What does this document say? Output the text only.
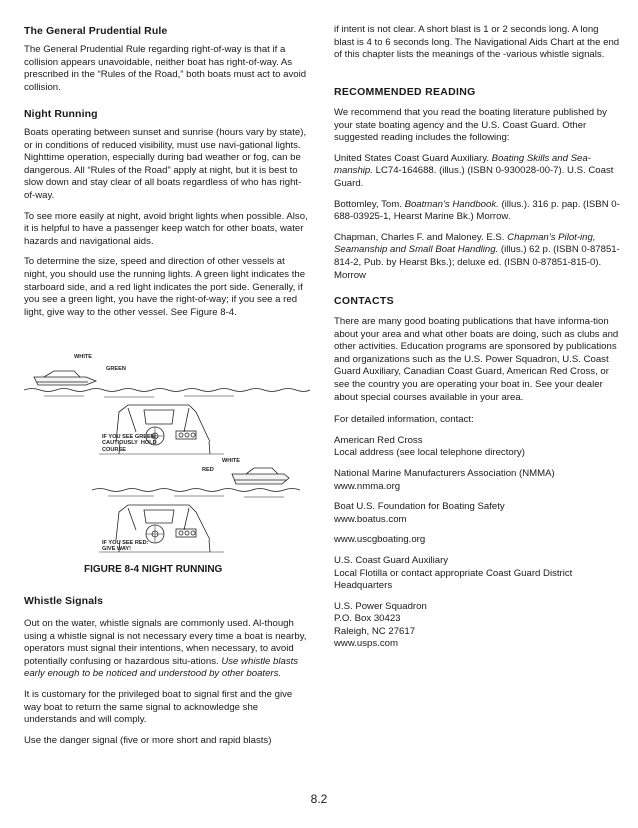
The General Prudential Rule

The General Prudential Rule regarding right-of-way is that if a collision appears unavoidable, neither boat has right-of-way. As prescribed in the “Rules of the Road,” both boats must act to avoid collision.

Night Running

Boats operating between sunset and sunrise (hours vary by state), or in conditions of reduced visibility, must use navi-gational lights. Nighttime operation, especially during bad weather or fog, can be dangerous. All “Rules of the Road” apply at night, but it is best to slow down and stay clear of all boats regardless of who has right-of-way.

To see more easily at night, avoid bright lights when possible. Also, it is helpful to have a passenger keep watch for other boats, water hazards and navigational aids.

To determine the size, speed and direction of other vessels at night, you should use the running lights. A green light indicates the starboard side, and a red light indicates the port side. Generally, if you see a green light, you have the right-of-way; if you see a red light, give way to the other vessel. See Figure 8-4.

Whistle Signals

Out on the water, whistle signals are commonly used. Al-though using a whistle signal is not necessary every time a boat is nearby, operators must signal their intentions, when necessary, to avoid potentially confusing or hazardous situ-ations. Use whistle blasts early enough to be noticed and understood by other boaters.

It is customary for the privileged boat to signal first and the give way boat to return the same signal to acknowledge she understands and will comply.

Use the danger signal (five or more short and rapid blasts)

WHITE
GREEN
IF YOU SEE GREEN:
CAUTIOUSLY  HOLD
COURSE
WHITE
RED
IF YOU SEE RED:
GIVE WAY!
FIGURE 8-4 NIGHT RUNNING

if intent is not clear. A short blast is 1 or 2 seconds long. A long blast is 4 to 6 seconds long. The Navigational Aids Chart at the end of this chapter lists the meanings of the -various whistle signals.

RECOMMENDED READING

We recommend that you read the boating literature published by your state boating agency and the U.S. Coast Guard. Other suggested reading includes the following:

United States Coast Guard Auxiliary. Boating Skills and Sea-manship. LC74-164688. (illus.) (ISBN 0-930028-00-7). U.S. Coast Guard.

Bottomley, Tom. Boatman’s Handbook. (illus.). 316 p. pap. (ISBN 0-688-03925-1, Hearst Marine Bk.) Morrow.

Chapman, Charles F. and Maloney. E.S. Chapman’s Pilot-ing, Seamanship and Small Boat Handling. (illus.) 62 p. (ISBN 0-87851-814-2, Pub. by Hearst Bks.); deluxe ed. (ISBN 0-87851-815-0). Morrow

CONTACTS

There are many good boating publications that have informa-tion about your area and what other boats are doing, such as clubs and other activities. Education programs are sponsored by publications and organizations such as the U.S. Power Squadron, U.S. Coast Guard Auxiliary, Canadian Coast Guard, American Red Cross, or see the country you are operating your boat in. See your dealer about special courses available in your area.

For detailed information, contact:

American Red Cross
Local address (see local telephone directory)

National Marine Manufacturers Association (NMMA)
www.nmma.org

Boat U.S. Foundation for Boating Safety
www.boatus.com

www.uscgboating.org

U.S. Coast Guard Auxiliary
Local Flotilla or contact appropriate Coast Guard District Headquarters

U.S. Power Squadron
P.O. Box 30423
Raleigh, NC 27617
www.usps.com

8.2
